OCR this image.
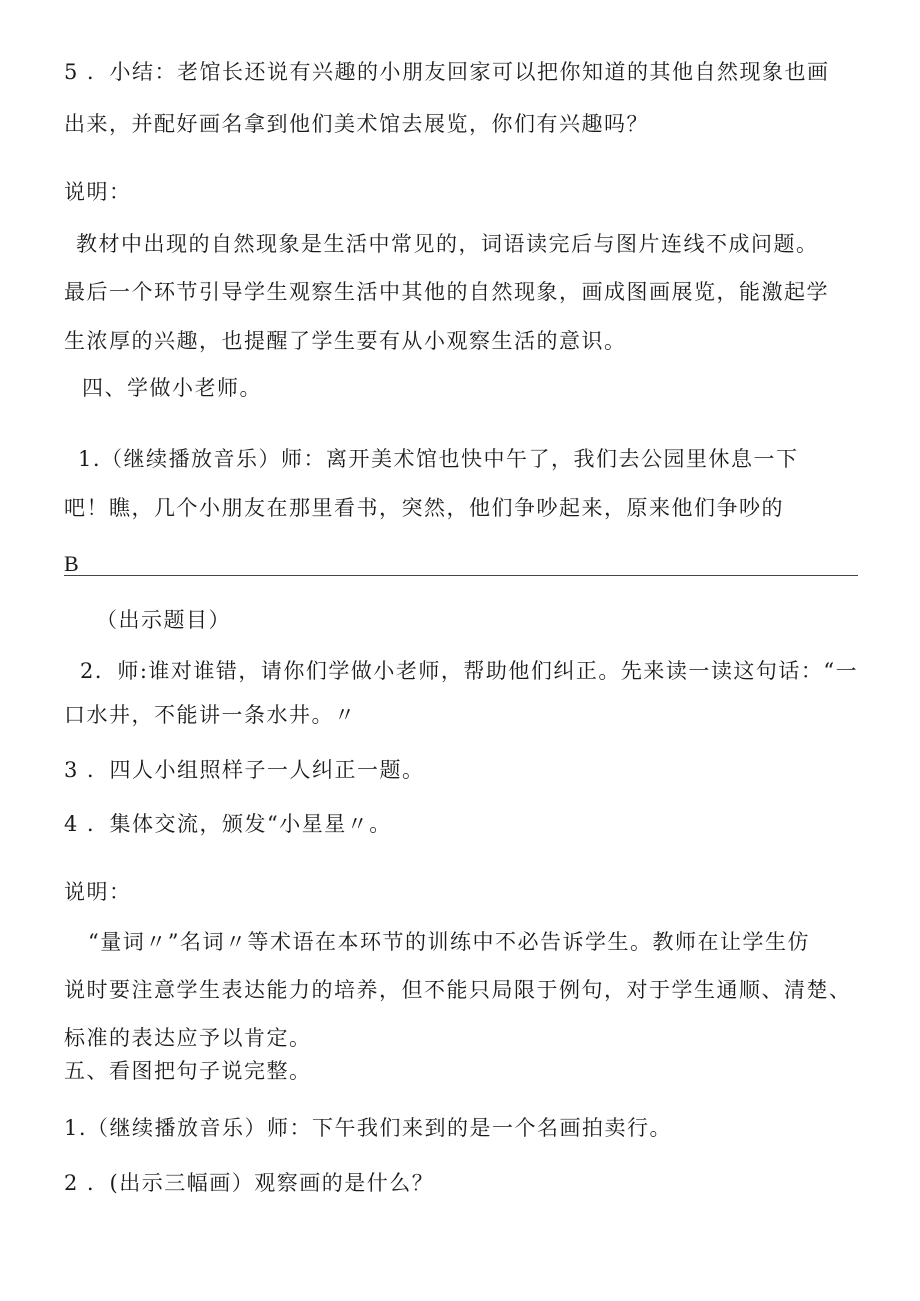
5 ．小结：老馆长还说有兴趣的小朋友回家可以把你知道的其他自然现象也画
出来，并配好画名拿到他们美术馆去展览，你们有兴趣吗？
说明：
教材中出现的自然现象是生活中常见的，词语读完后与图片连线不成问题。
最后一个环节引导学生观察生活中其他的自然现象，画成图画展览，能激起学
生浓厚的兴趣，也提醒了学生要有从小观察生活的意识。
四、学做小老师。
1.（继续播放音乐）师：离开美术馆也快中午了，我们去公园里休息一下
吧！瞧，几个小朋友在那里看书，突然，他们争吵起来，原来他们争吵的
B
（出示题目）
2．师:谁对谁错，请你们学做小老师，帮助他们纠正。先来读一读这句话：“一
口水井，不能讲一条水井。〃
3 ．四人小组照样子一人纠正一题。
4 ．集体交流，颁发“小星星〃。
说明：
“量词〃”名词〃等术语在本环节的训练中不必告诉学生。教师在让学生仿
说时要注意学生表达能力的培养，但不能只局限于例句，对于学生通顺、清楚、
标准的表达应予以肯定。
五、看图把句子说完整。
1.（继续播放音乐）师：下午我们来到的是一个名画拍卖行。
2 ．(出示三幅画）观察画的是什么？
